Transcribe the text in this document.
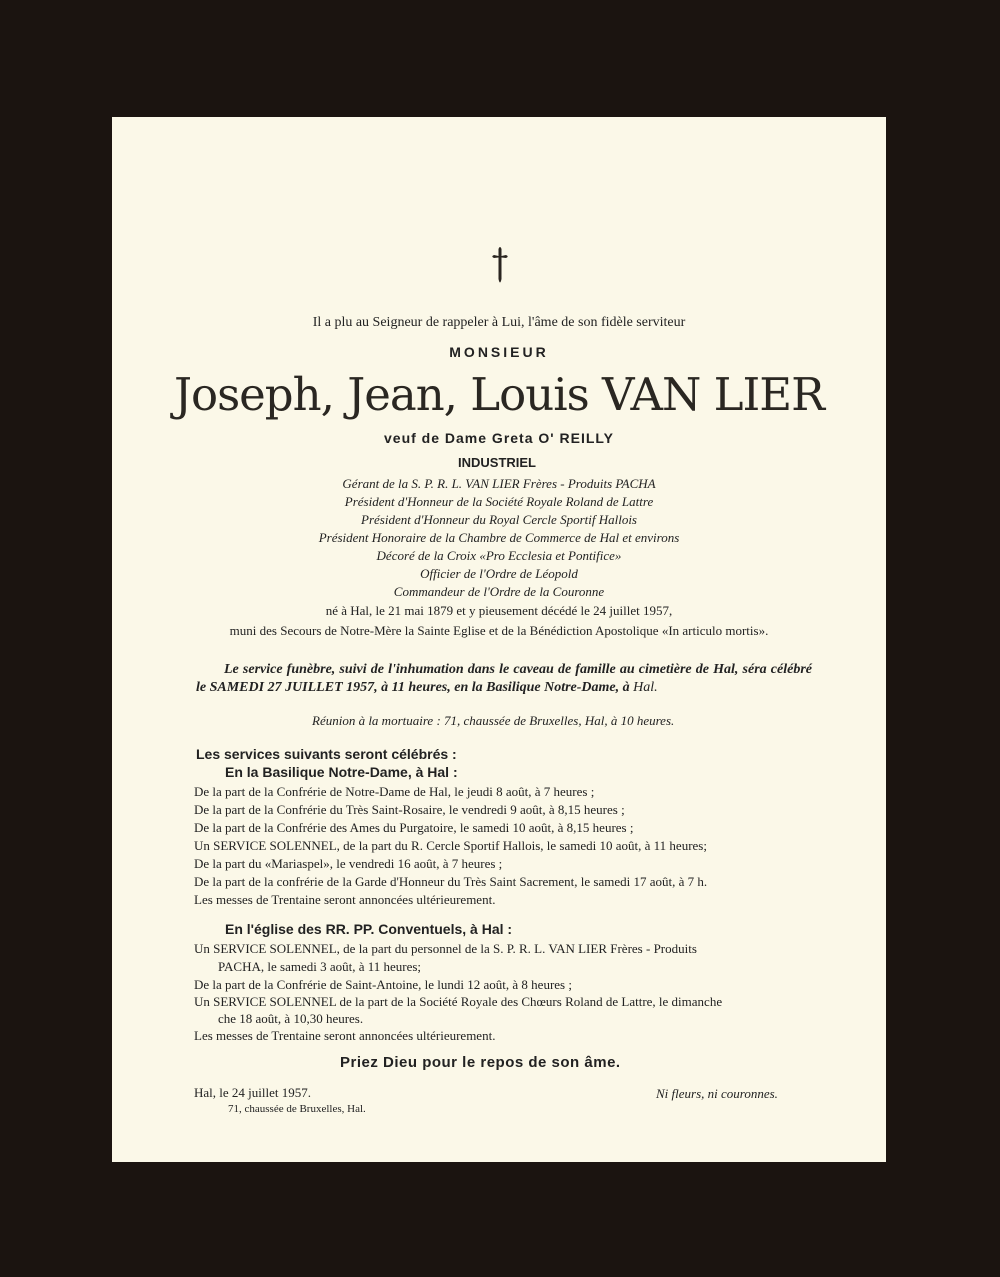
Il a plu au Seigneur de rappeler à Lui, l'âme de son fidèle serviteur
MONSIEUR
Joseph, Jean, Louis VAN LIER
veuf de Dame Greta O' REILLY
INDUSTRIEL
Gérant de la S. P. R. L. VAN LIER Frères - Produits PACHA
Président d'Honneur de la Société Royale Roland de Lattre
Président d'Honneur du Royal Cercle Sportif Hallois
Président Honoraire de la Chambre de Commerce de Hal et environs
Décoré de la Croix «Pro Ecclesia et Pontifice»
Officier de l'Ordre de Léopold
Commandeur de l'Ordre de la Couronne
né à Hal, le 21 mai 1879 et y pieusement décédé le 24 juillet 1957,
muni des Secours de Notre-Mère la Sainte Eglise et de la Bénédiction Apostolique «In articulo mortis».
Le service funèbre, suivi de l'inhumation dans le caveau de famille au cimetière de Hal, séra célébré le SAMEDI 27 JUILLET 1957, à 11 heures, en la Basilique Notre-Dame, à Hal.
Réunion à la mortuaire : 71, chaussée de Bruxelles, Hal, à 10 heures.
Les services suivants seront célébrés :
En la Basilique Notre-Dame, à Hal :
De la part de la Confrérie de Notre-Dame de Hal, le jeudi 8 août, à 7 heures ;
De la part de la Confrérie du Très Saint-Rosaire, le vendredi 9 août, à 8,15 heures ;
De la part de la Confrérie des Ames du Purgatoire, le samedi 10 août, à 8,15 heures ;
Un SERVICE SOLENNEL, de la part du R. Cercle Sportif Hallois, le samedi 10 août, à 11 heures;
De la part du «Mariaspel», le vendredi 16 août, à 7 heures ;
De la part de la confrérie de la Garde d'Honneur du Très Saint Sacrement, le samedi 17 août, à 7 h.
Les messes de Trentaine seront annoncées ultérieurement.
En l'église des RR. PP. Conventuels, à Hal :
Un SERVICE SOLENNEL, de la part du personnel de la S. P. R. L. VAN LIER Frères - Produits
PACHA, le samedi 3 août, à 11 heures;
De la part de la Confrérie de Saint-Antoine, le lundi 12 août, à 8 heures ;
Un SERVICE SOLENNEL de la part de la Société Royale des Chœurs Roland de Lattre, le dimanche
che 18 août, à 10,30 heures.
Les messes de Trentaine seront annoncées ultérieurement.
Priez Dieu pour le repos de son âme.
Hal, le 24 juillet 1957.
71, chaussée de Bruxelles, Hal.
Ni fleurs, ni couronnes.
